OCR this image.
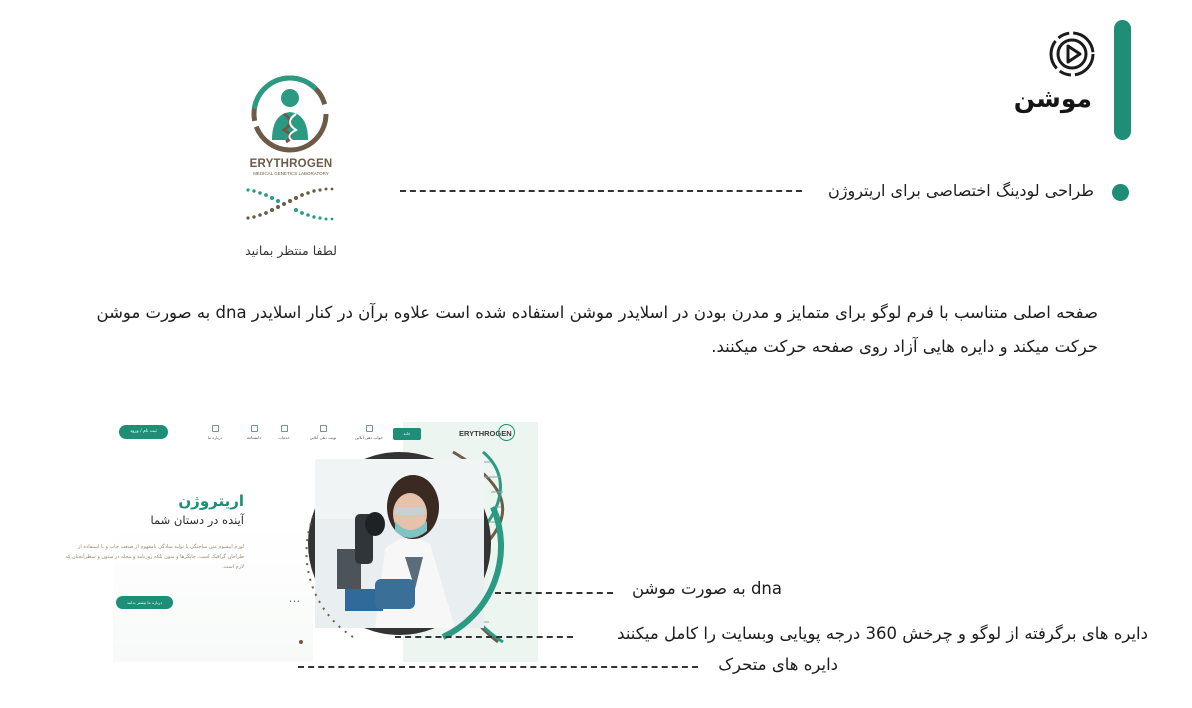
موشن
طراحی لودینگ اختصاصی برای اریتروژن
ERYTHROGEN
MEDICAL GENETICS LABORATORY
لطفا منتظر بمانید
صفحه اصلی متناسب با فرم لوگو برای متمایز و مدرن بودن در اسلایدر موشن استفاده شده است علاوه برآن در کنار اسلایدر dna به صورت موشن حرکت میکند و دایره هایی آزاد روی صفحه حرکت میکنند.
ثبت نام / ورود
درباره ما	دانشنامه	خدمات	نوبت دهی آنلاین	جواب دهی آنلاین
خانه	ERYTHROGEN
اریتروژن
آینده در دستان شما
لورم ایپسوم متن ساختگی با تولید سادگی نامفهوم از صنعت چاپ و با استفاده از طراحان گرافیک است. چاپگرها و متون بلکه روزنامه و مجله در ستون و سطرآنچنان که لازم است.
درباره ما بیشتر بدانید	•••
dna به صورت موشن
دایره های برگرفته از لوگو و چرخش 360 درجه پویایی وبسایت را کامل میکنند
دایره های متحرک
